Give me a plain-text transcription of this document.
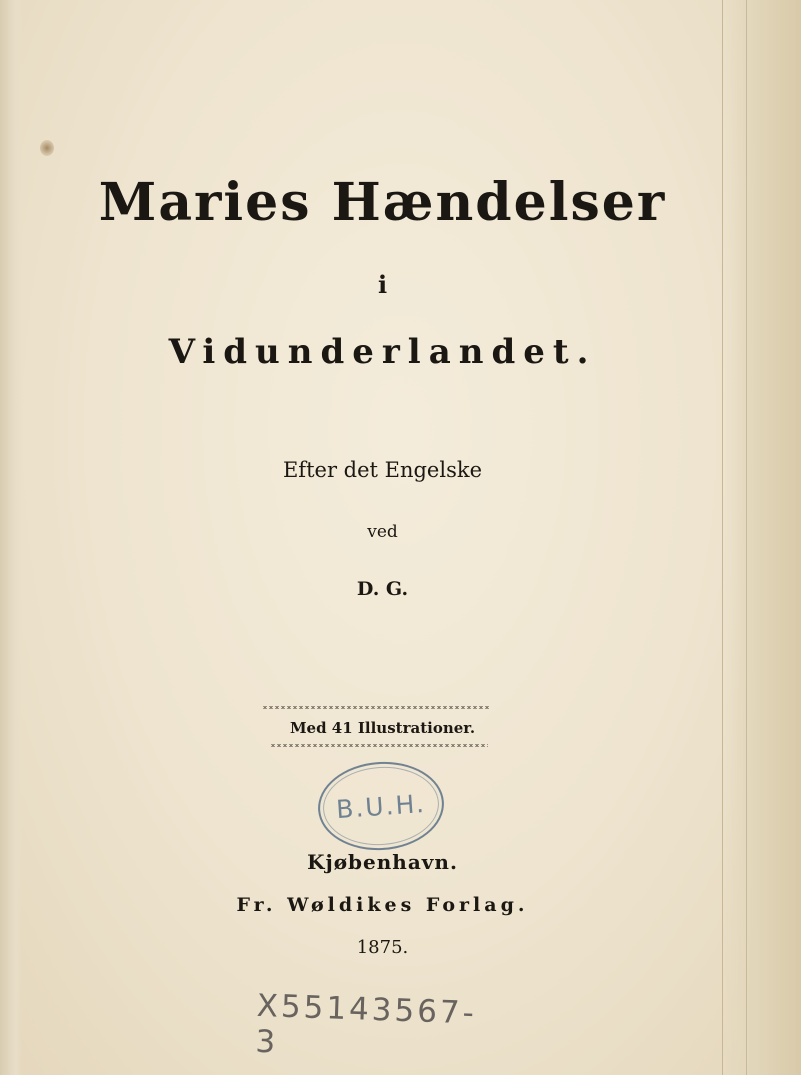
Maries Hændelser
i
Vidunderlandet.
Efter det Engelske
ved
D. G.
Med 41 Illustrationer.
B.U.H.
Kjøbenhavn.
Fr. Wøldikes Forlag.
1875.
X55143567-3
